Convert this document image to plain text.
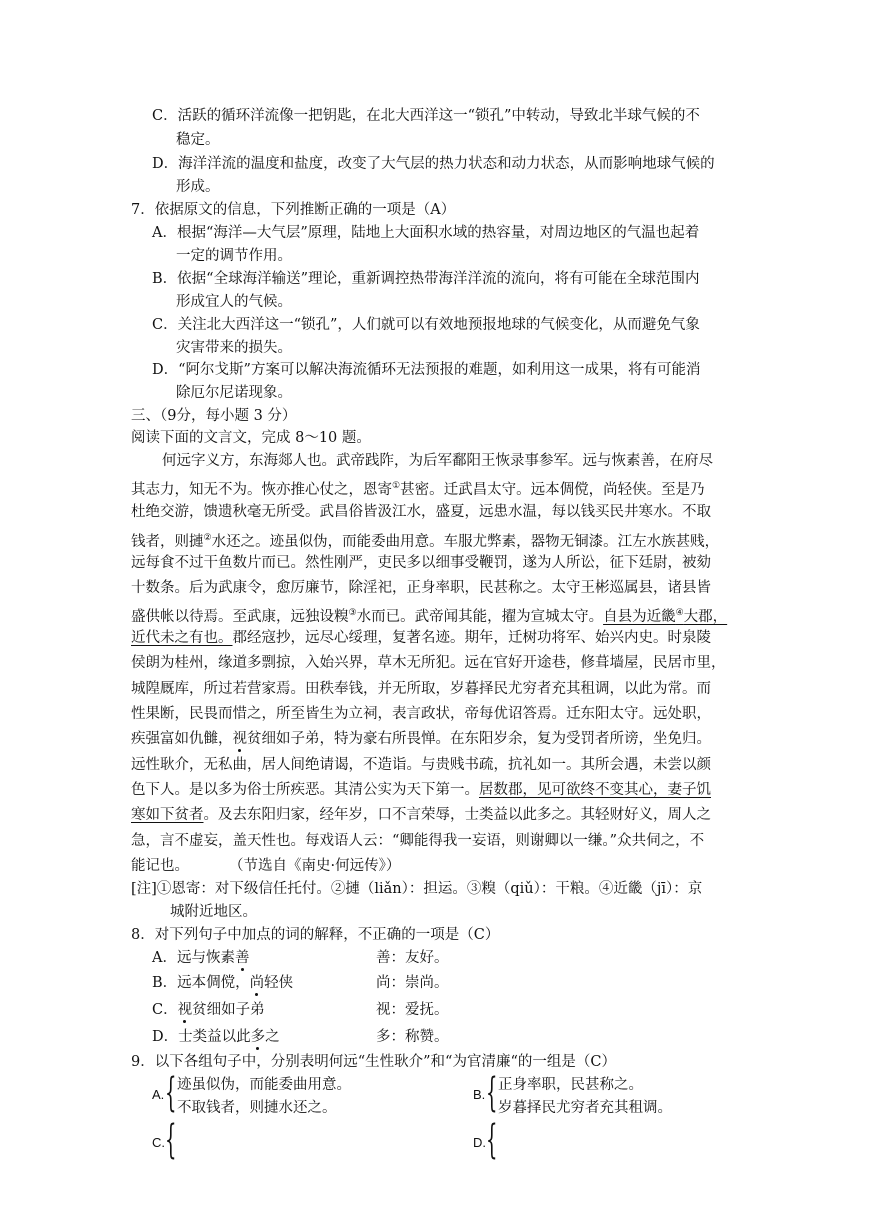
C．活跃的循环洋流像一把钥匙，在北大西洋这一“锁孔”中转动，导致北半球气候的不
稳定。
D．海洋洋流的温度和盐度，改变了大气层的热力状态和动力状态，从而影响地球气候的
形成。
7．依据原文的信息，下列推断正确的一项是（A）
A．根据“海洋—大气层”原理，陆地上大面积水域的热容量，对周边地区的气温也起着
一定的调节作用。
B．依据“全球海洋输送”理论，重新调控热带海洋洋流的流向，将有可能在全球范围内
形成宜人的气候。
C．关注北大西洋这一“锁孔”，人们就可以有效地预报地球的气候变化，从而避免气象
灾害带来的损失。
D．“阿尔戈斯”方案可以解决海流循环无法预报的难题，如利用这一成果，将有可能消
除厄尔尼诺现象。
三、（9分，每小题 3 分）
阅读下面的文言文，完成 8～10 题。
何远字义方，东海郯人也。武帝践阼，为后军鄱阳王恢录事参军。远与恢素善，在府尽
其志力，知无不为。恢亦推心仗之，恩寄①甚密。迁武昌太守。远本倜傥，尚轻侠。至是乃
杜绝交游，馈遗秋毫无所受。武昌俗皆汲江水，盛夏，远患水温，每以钱买民井寒水。不取
钱者，则摙②水还之。迹虽似伪，而能委曲用意。车服尤弊素，器物无铜漆。江左水族甚贱，
远每食不过干鱼数片而已。然性刚严，吏民多以细事受鞭罚，遂为人所讼，征下廷尉，被劾
十数条。后为武康令，愈厉廉节，除淫祀，正身率职，民甚称之。太守王彬巡属县，诸县皆
盛供帐以待焉。至武康，远独设糗③水而已。武帝闻其能，擢为宣城太守。自县为近畿④大郡，
近代未之有也。郡经寇抄，远尽心绥理，复著名迹。期年，迁树功将军、始兴内史。时泉陵
侯朗为桂州，缘道多剽掠，入始兴界，草木无所犯。远在官好开途巷，修葺墙屋，民居市里，
城隍厩库，所过若营家焉。田秩奉钱，并无所取，岁暮择民尤穷者充其租调，以此为常。而
性果断，民畏而惜之，所至皆生为立祠，表言政状，帝每优诏答焉。迁东阳太守。远处职，
疾强富如仇雠，视贫细如子弟，特为豪右所畏惮。在东阳岁余，复为受罚者所谤，坐免归。
远性耿介，无私曲，居人间绝请谒，不造诣。与贵贱书疏，抗礼如一。其所会遇，未尝以颜
色下人。是以多为俗士所疾恶。其清公实为天下第一。居数郡，见可欲终不变其心，妻子饥
寒如下贫者。及去东阳归家，经年岁，口不言荣辱，士类益以此多之。其轻财好义，周人之
急，言不虚妄，盖天性也。每戏语人云：“卿能得我一妄语，则谢卿以一缣。”众共伺之，不
能记也。	（节选自《南史·何远传》）
[注]①恩寄：对下级信任托付。②摙（liǎn）：担运。③糗（qiǔ）：干粮。④近畿（jī）：京
城附近地区。
8．对下列句子中加点的词的解释，不正确的一项是（C）
A．远与恢素善	善：友好。
B．远本倜傥，尚轻侠	尚：崇尚。
C．视贫细如子弟	视：爱抚。
D．士类益以此多之	多：称赞。
9．以下各组句子中，分别表明何远“生性耿介”和“为官清廉“的一组是（C）
A. { 迹虽似伪，而能委曲用意。
不取钱者，则摙水还之。
B. { 正身率职，民甚称之。
岁暮择民尤穷者充其租调。
C. {	D. {
